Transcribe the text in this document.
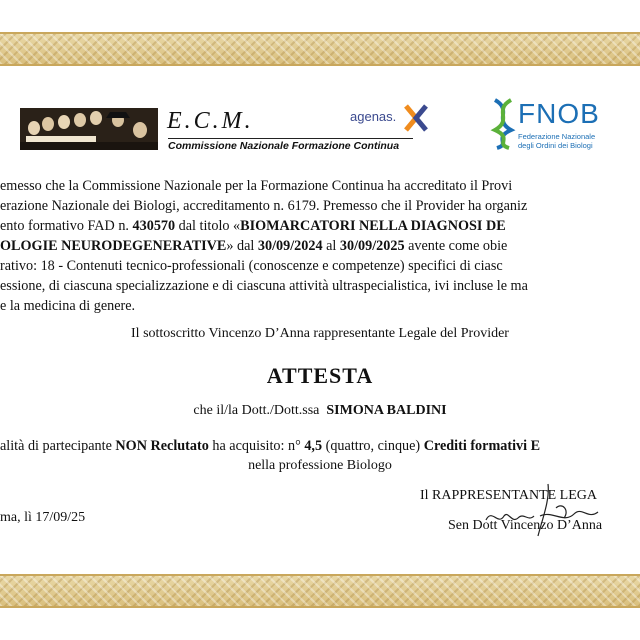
E.C.M.
Commissione Nazionale Formazione Continua
agenas.	FNOB
Federazione Nazionale
degli Ordini dei Biologi
emesso che la Commissione Nazionale per la Formazione Continua ha accreditato il Provi
erazione Nazionale dei Biologi, accreditamento n. 6179. Premesso che il Provider ha organiz
ento formativo FAD n. 430570 dal titolo «BIOMARCATORI NELLA DIAGNOSI DE
OLOGIE NEURODEGENERATIVE» dal 30/09/2024 al 30/09/2025 avente come obie
rativo: 18 - Contenuti tecnico-professionali (conoscenze e competenze) specifici di ciasc
essione, di ciascuna specializzazione e di ciascuna attività ultraspecialistica, ivi incluse le ma
e la medicina di genere.
Il sottoscritto Vincenzo D’Anna rappresentante Legale del Provider
ATTESTA
che il/la Dott./Dott.ssa SIMONA BALDINI
alità di partecipante NON Reclutato ha acquisito: n° 4,5 (quattro, cinque) Crediti formativi E
nella professione Biologo
ma, lì 17/09/25
Il RAPPRESENTANTE LEGA
Sen Dott Vincenzo D’Anna
